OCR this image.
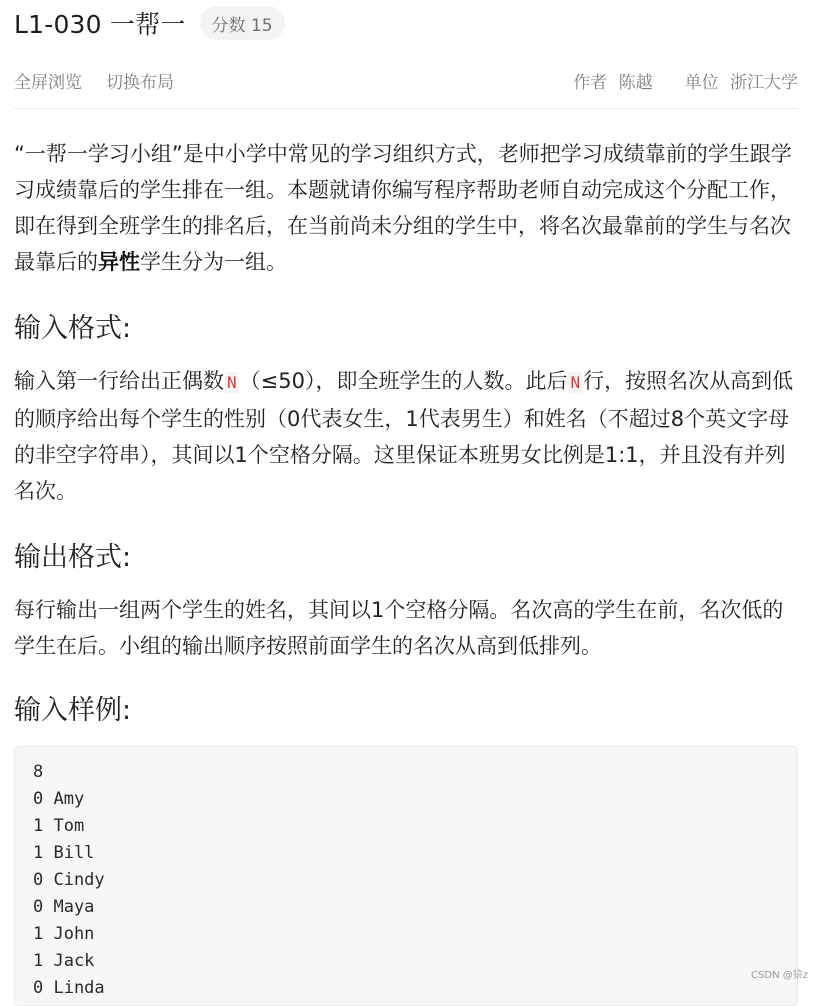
L1-030 一帮一	分数 15
全屏浏览 切换布局	作者 陈越 单位 浙江大学

“一帮一学习小组”是中小学中常见的学习组织方式，老师把学习成绩靠前的学生跟学习成绩靠后的学生排在一组。本题就请你编写程序帮助老师自动完成这个分配工作，即在得到全班学生的排名后，在当前尚未分组的学生中，将名次最靠前的学生与名次最靠后的异性学生分为一组。

输入格式:

输入第一行给出正偶数 N （≤50），即全班学生的人数。此后 N 行，按照名次从高到低的顺序给出每个学生的性别（0代表女生，1代表男生）和姓名（不超过8个英文字母的非空字符串），其间以1个空格分隔。这里保证本班男女比例是1:1，并且没有并列名次。

输出格式:

每行输出一组两个学生的姓名，其间以1个空格分隔。名次高的学生在前，名次低的学生在后。小组的输出顺序按照前面学生的名次从高到低排列。

输入样例:
8
0 Amy
1 Tom
1 Bill
0 Cindy
0 Maya
1 John
1 Jack
0 Linda
CSDN @猿z
